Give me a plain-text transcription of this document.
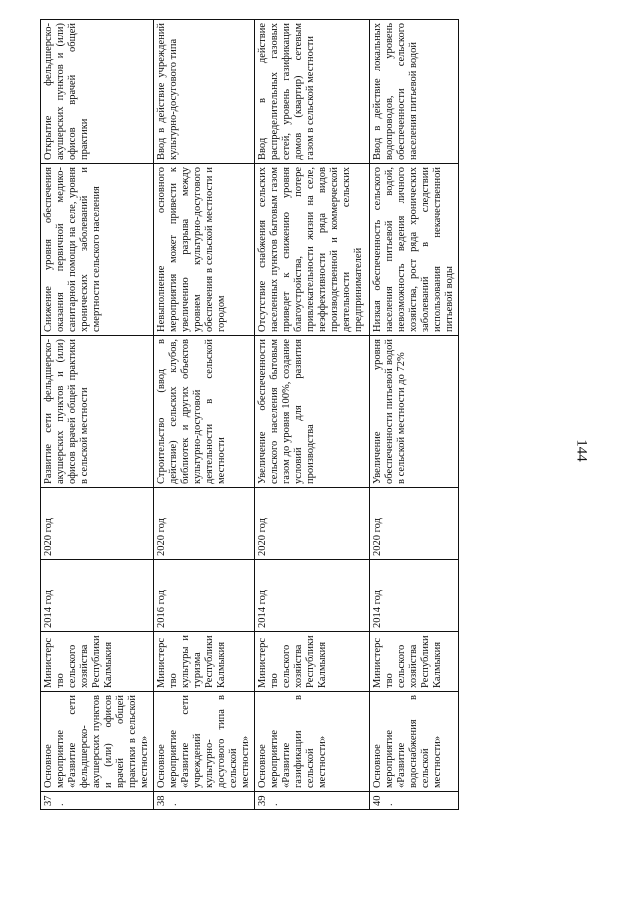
144
37.	Основное мероприятие «Развитие сети фельдшерско-акушерских пунктов и (или) офисов врачей общей практики в сельской местности»	Министерство сельского хозяйства Республики Калмыкия	2014 год	2020 год	Развитие сети фельдшерско-акушерских пунктов и (или) офисов врачей общей практики в сельской местности	Снижение уровня обеспечения оказания первичной медико-санитарной помощи на селе, уровня хронических заболеваний и смертности сельского населения	Открытие фельдшерско-акушерских пунктов и (или) офисов врачей общей практики
38.	Основное мероприятие «Развитие сети учреждений культурно-досугового типа в сельской местности»	Министерство культуры и туризма Республики Калмыкия	2016 год	2020 год	Строительство (ввод в действие) сельских клубов, библиотек и других объектов культурно-досуговой деятельности в сельской местности	Невыполнение основного мероприятия может привести к увеличению разрыва между уровнем культурно-досугового обеспечения в сельской местности и городом	Ввод в действие учреждений культурно-досугового типа
39.	Основное мероприятие «Развитие газификации в сельской местности»	Министерство сельского хозяйства Республики Калмыкия	2014 год	2020 год	Увеличение обеспеченности сельского населения бытовым газом до уровня 100%, создание условий для развития производства	Отсутствие снабжения сельских населенных пунктов бытовым газом приведет к снижению уровня благоустройства, потере привлекательности жизни на селе, неэффективности ряда видов производственной и коммерческой деятельности сельских предпринимателей	Ввод в действие распределительных газовых сетей, уровень газификации домов (квартир) сетевым газом в сельской местности
40.	Основное мероприятие «Развитие водоснабжения в сельской местности»	Министерство сельского хозяйства Республики Калмыкия	2014 год	2020 год	Увеличение уровня обеспеченности питьевой водой в сельской местности до 72%	Низкая обеспеченность сельского населения питьевой водой, невозможность ведения личного хозяйства, рост ряда хронических заболеваний в следствии использования некачественной питьевой воды	Ввод в действие локальных водопроводов, уровень обеспеченности сельского населения питьевой водой
